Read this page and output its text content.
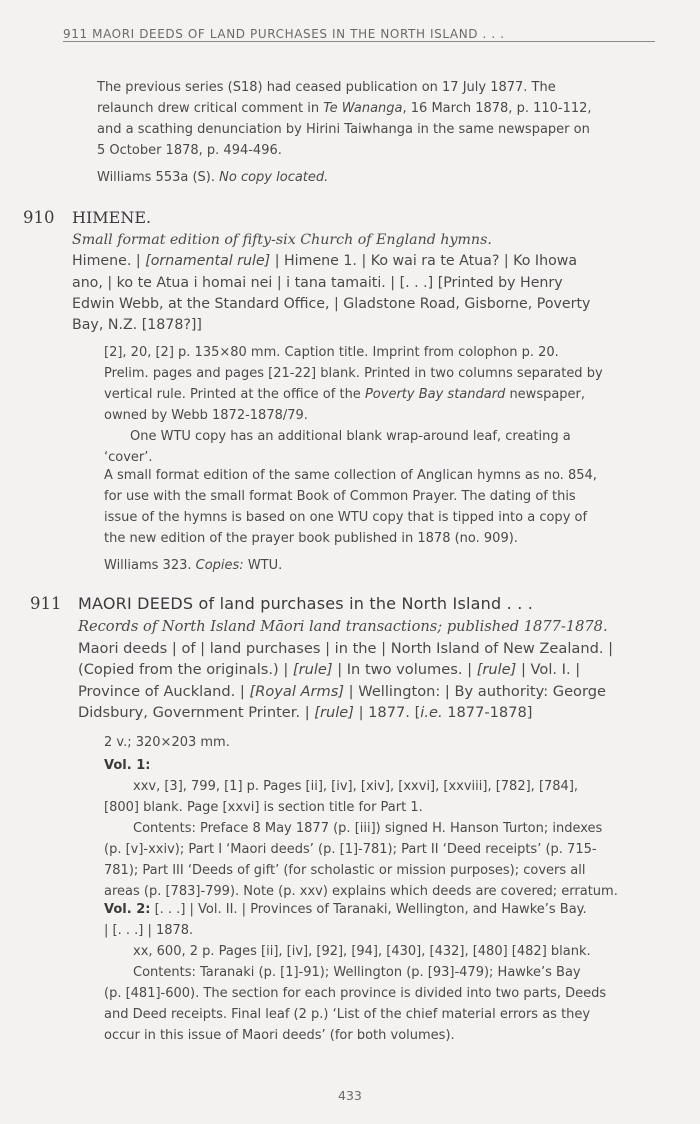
911 MAORI DEEDS OF LAND PURCHASES IN THE NORTH ISLAND . . .
The previous series (S18) had ceased publication on 17 July 1877. The
relaunch drew critical comment in Te Wananga, 16 March 1878, p. 110-112,
and a scathing denunciation by Hirini Taiwhanga in the same newspaper on
5 October 1878, p. 494-496.
Williams 553a (S). No copy located.
910 HIMENE.
Small format edition of fifty-six Church of England hymns.
Himene. | [ornamental rule] | Himene 1. | Ko wai ra te Atua? | Ko Ihowa
ano, | ko te Atua i homai nei | i tana tamaiti. | [. . .] [Printed by Henry
Edwin Webb, at the Standard Office, | Gladstone Road, Gisborne, Poverty
Bay, N.Z. [1878?]]
[2], 20, [2] p. 135×80 mm. Caption title. Imprint from colophon p. 20.
Prelim. pages and pages [21-22] blank. Printed in two columns separated by
vertical rule. Printed at the office of the Poverty Bay standard newspaper,
owned by Webb 1872-1878/79.
One WTU copy has an additional blank wrap-around leaf, creating a
‘cover’.
A small format edition of the same collection of Anglican hymns as no. 854,
for use with the small format Book of Common Prayer. The dating of this
issue of the hymns is based on one WTU copy that is tipped into a copy of
the new edition of the prayer book published in 1878 (no. 909).
Williams 323. Copies: WTU.
911 MAORI DEEDS of land purchases in the North Island . . .
Records of North Island Māori land transactions; published 1877-1878.
Maori deeds | of | land purchases | in the | North Island of New Zealand. |
(Copied from the originals.) | [rule] | In two volumes. | [rule] | Vol. I. |
Province of Auckland. | [Royal Arms] | Wellington: | By authority: George
Didsbury, Government Printer. | [rule] | 1877. [i.e. 1877-1878]
2 v.; 320×203 mm.
Vol. 1:
xxv, [3], 799, [1] p. Pages [ii], [iv], [xiv], [xxvi], [xxviii], [782], [784],
[800] blank. Page [xxvi] is section title for Part 1.
Contents: Preface 8 May 1877 (p. [iii]) signed H. Hanson Turton; indexes
(p. [v]-xxiv); Part I ‘Maori deeds’ (p. [1]-781); Part II ‘Deed receipts’ (p. 715-
781); Part III ‘Deeds of gift’ (for scholastic or mission purposes); covers all
areas (p. [783]-799). Note (p. xxv) explains which deeds are covered; erratum.
Vol. 2: [. . .] | Vol. II. | Provinces of Taranaki, Wellington, and Hawke’s Bay.
| [. . .] | 1878.
xx, 600, 2 p. Pages [ii], [iv], [92], [94], [430], [432], [480] [482] blank.
Contents: Taranaki (p. [1]-91); Wellington (p. [93]-479); Hawke’s Bay
(p. [481]-600). The section for each province is divided into two parts, Deeds
and Deed receipts. Final leaf (2 p.) ‘List of the chief material errors as they
occur in this issue of Maori deeds’ (for both volumes).
433
